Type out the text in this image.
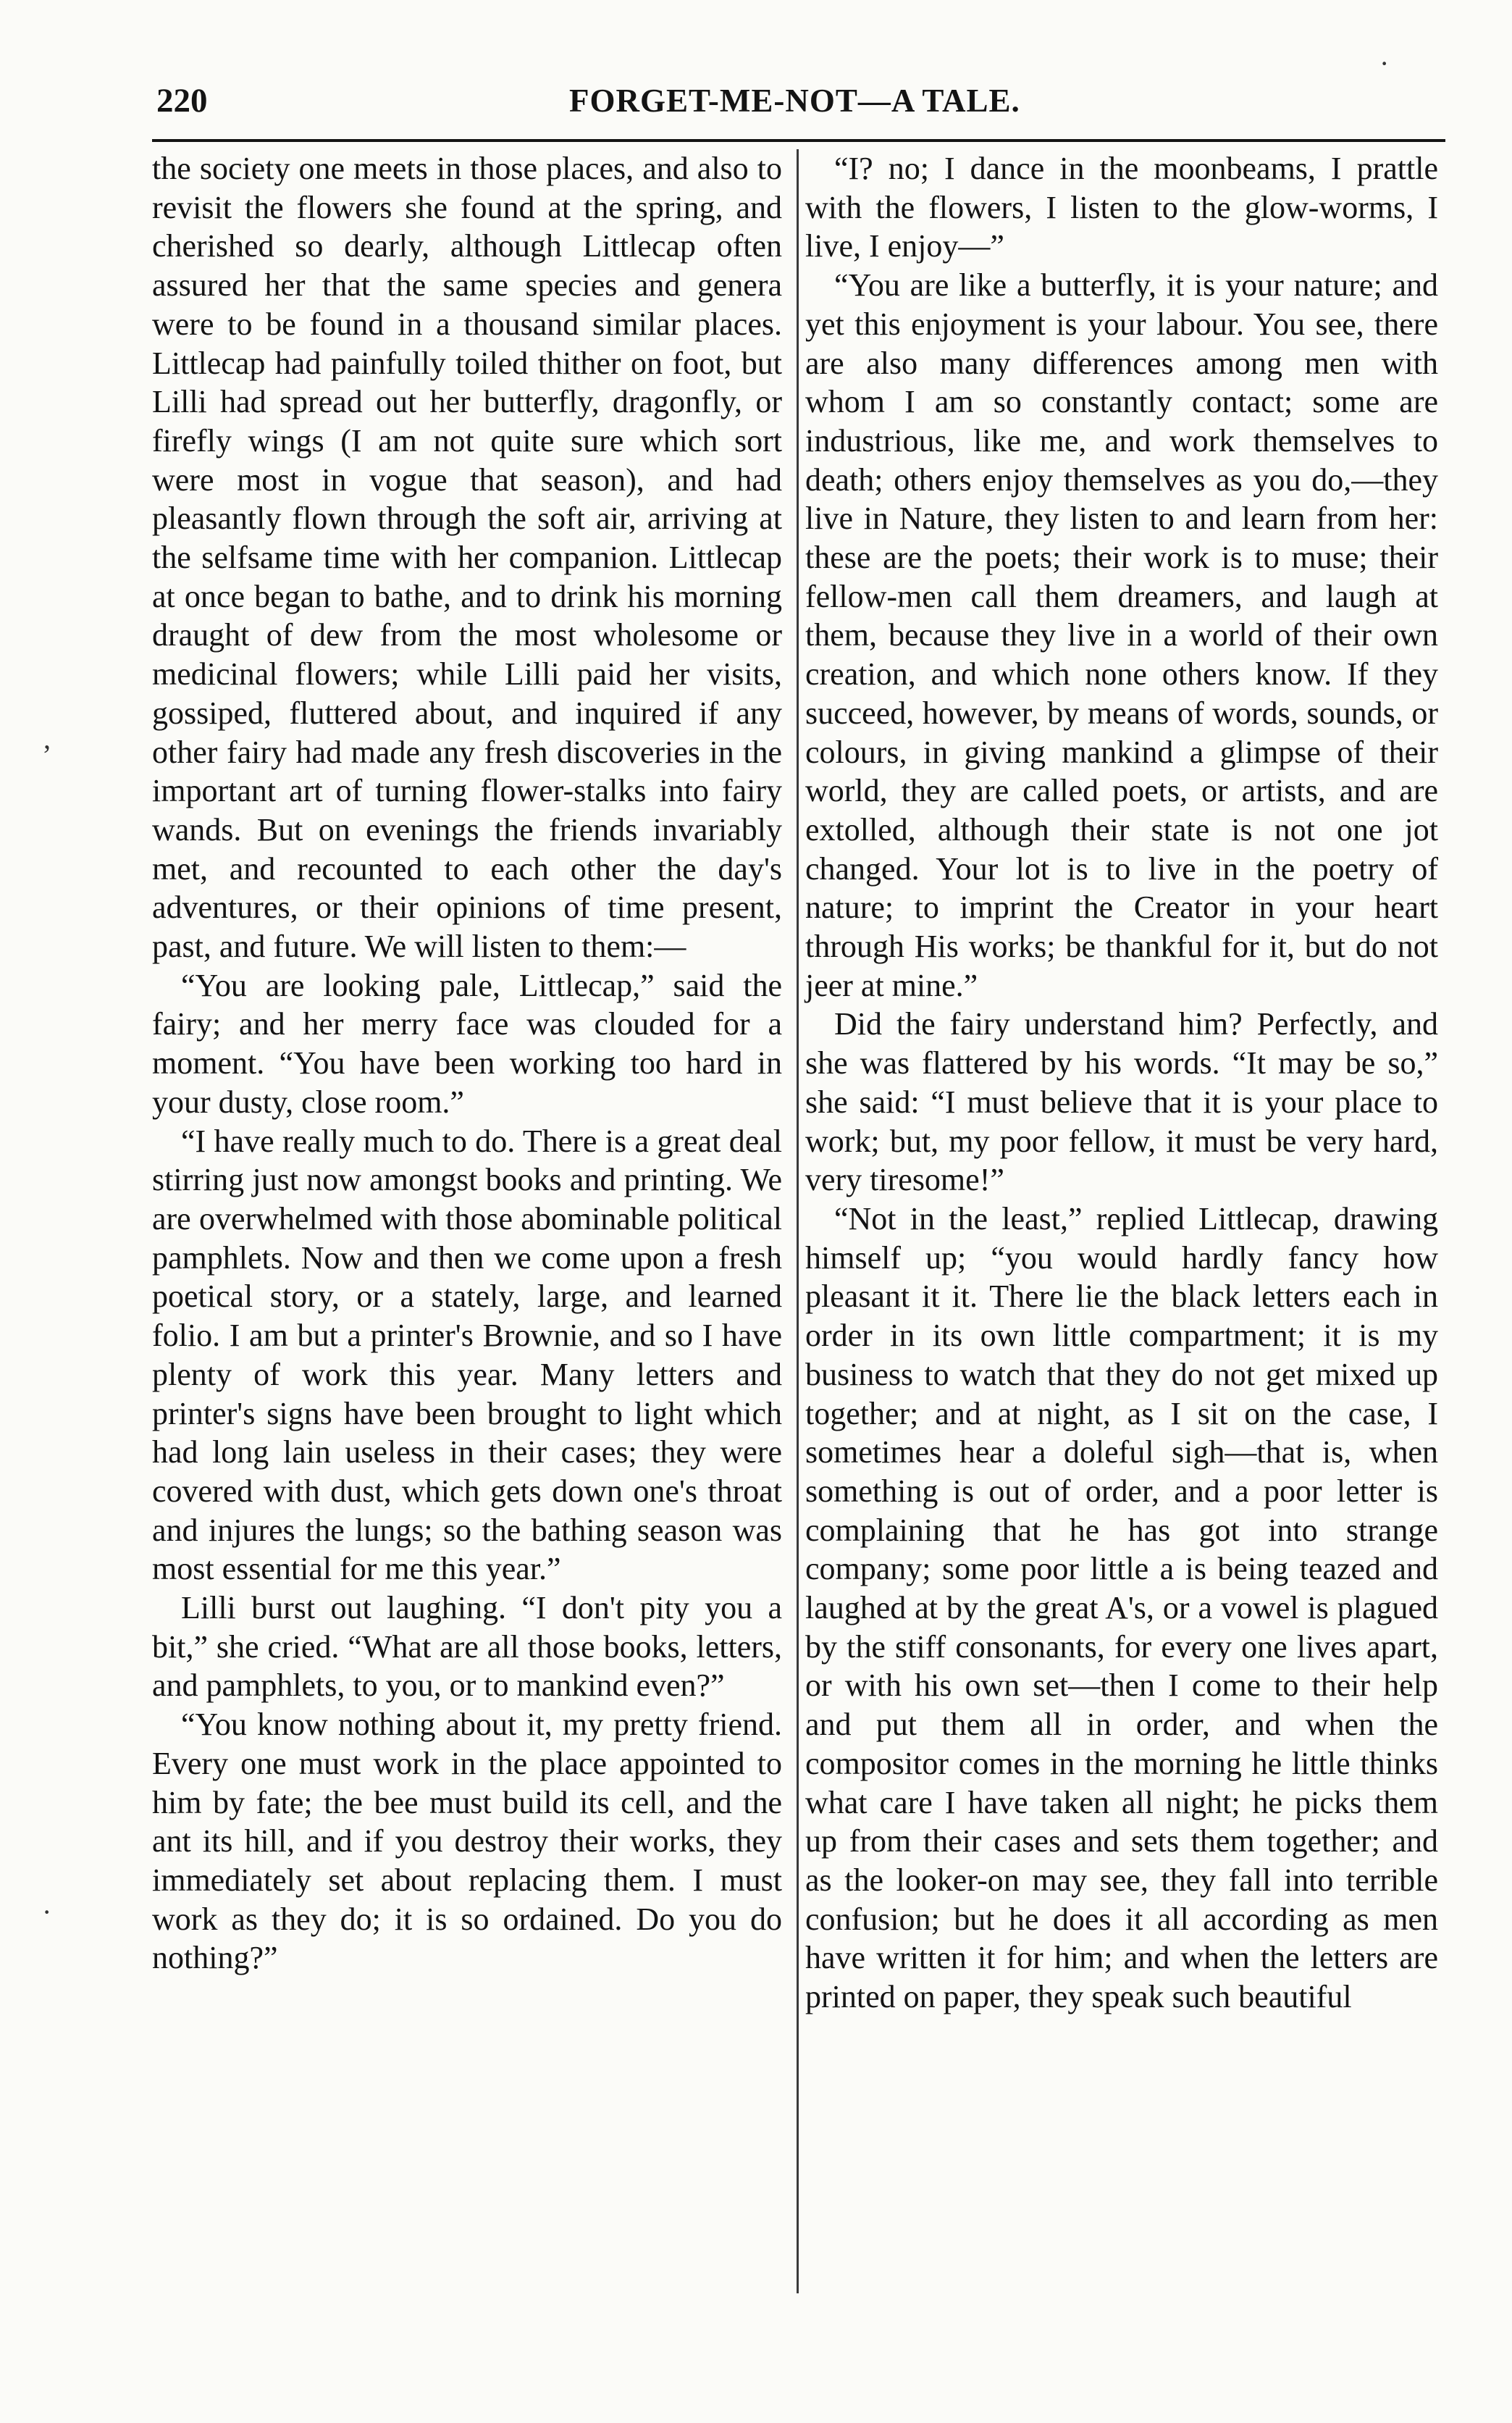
220	FORGET-ME-NOT—A TALE.

the society one meets in those places, and also to revisit the flowers she found at the spring, and cherished so dearly, although Littlecap often assured her that the same species and genera were to be found in a thousand similar places. Littlecap had painfully toiled thither on foot, but Lilli had spread out her butterfly, dragonfly, or firefly wings (I am not quite sure which sort were most in vogue that season), and had pleasantly flown through the soft air, arriving at the selfsame time with her companion. Littlecap at once began to bathe, and to drink his morning draught of dew from the most wholesome or medicinal flowers; while Lilli paid her visits, gossiped, fluttered about, and inquired if any other fairy had made any fresh discoveries in the important art of turning flower-stalks into fairy wands. But on evenings the friends invariably met, and recounted to each other the day's adventures, or their opinions of time present, past, and future. We will listen to them:—

“You are looking pale, Littlecap,” said the fairy; and her merry face was clouded for a moment. “You have been working too hard in your dusty, close room.”

“I have really much to do. There is a great deal stirring just now amongst books and printing. We are overwhelmed with those abominable political pamphlets. Now and then we come upon a fresh poetical story, or a stately, large, and learned folio. I am but a printer's Brownie, and so I have plenty of work this year. Many letters and printer's signs have been brought to light which had long lain useless in their cases; they were covered with dust, which gets down one's throat and injures the lungs; so the bathing season was most essential for me this year.”

Lilli burst out laughing. “I don't pity you a bit,” she cried. “What are all those books, letters, and pamphlets, to you, or to mankind even?”

“You know nothing about it, my pretty friend. Every one must work in the place appointed to him by fate; the bee must build its cell, and the ant its hill, and if you destroy their works, they immediately set about replacing them. I must work as they do; it is so ordained. Do you do nothing?”

“I? no; I dance in the moonbeams, I prattle with the flowers, I listen to the glow-worms, I live, I enjoy—”

“You are like a butterfly, it is your nature; and yet this enjoyment is your labour. You see, there are also many differences among men with whom I am so constantly contact; some are industrious, like me, and work themselves to death; others enjoy themselves as you do,—they live in Nature, they listen to and learn from her: these are the poets; their work is to muse; their fellow-men call them dreamers, and laugh at them, because they live in a world of their own creation, and which none others know. If they succeed, however, by means of words, sounds, or colours, in giving mankind a glimpse of their world, they are called poets, or artists, and are extolled, although their state is not one jot changed. Your lot is to live in the poetry of nature; to imprint the Creator in your heart through His works; be thankful for it, but do not jeer at mine.”

Did the fairy understand him? Perfectly, and she was flattered by his words. “It may be so,” she said: “I must believe that it is your place to work; but, my poor fellow, it must be very hard, very tiresome!”

“Not in the least,” replied Littlecap, drawing himself up; “you would hardly fancy how pleasant it it. There lie the black letters each in order in its own little compartment; it is my business to watch that they do not get mixed up together; and at night, as I sit on the case, I sometimes hear a doleful sigh—that is, when something is out of order, and a poor letter is complaining that he has got into strange company; some poor little a is being teazed and laughed at by the great A's, or a vowel is plagued by the stiff consonants, for every one lives apart, or with his own set—then I come to their help and put them all in order, and when the compositor comes in the morning he little thinks what care I have taken all night; he picks them up from their cases and sets them together; and as the looker-on may see, they fall into terrible confusion; but he does it all according as men have written it for him; and when the letters are printed on paper, they speak such beautiful

,
·
·
